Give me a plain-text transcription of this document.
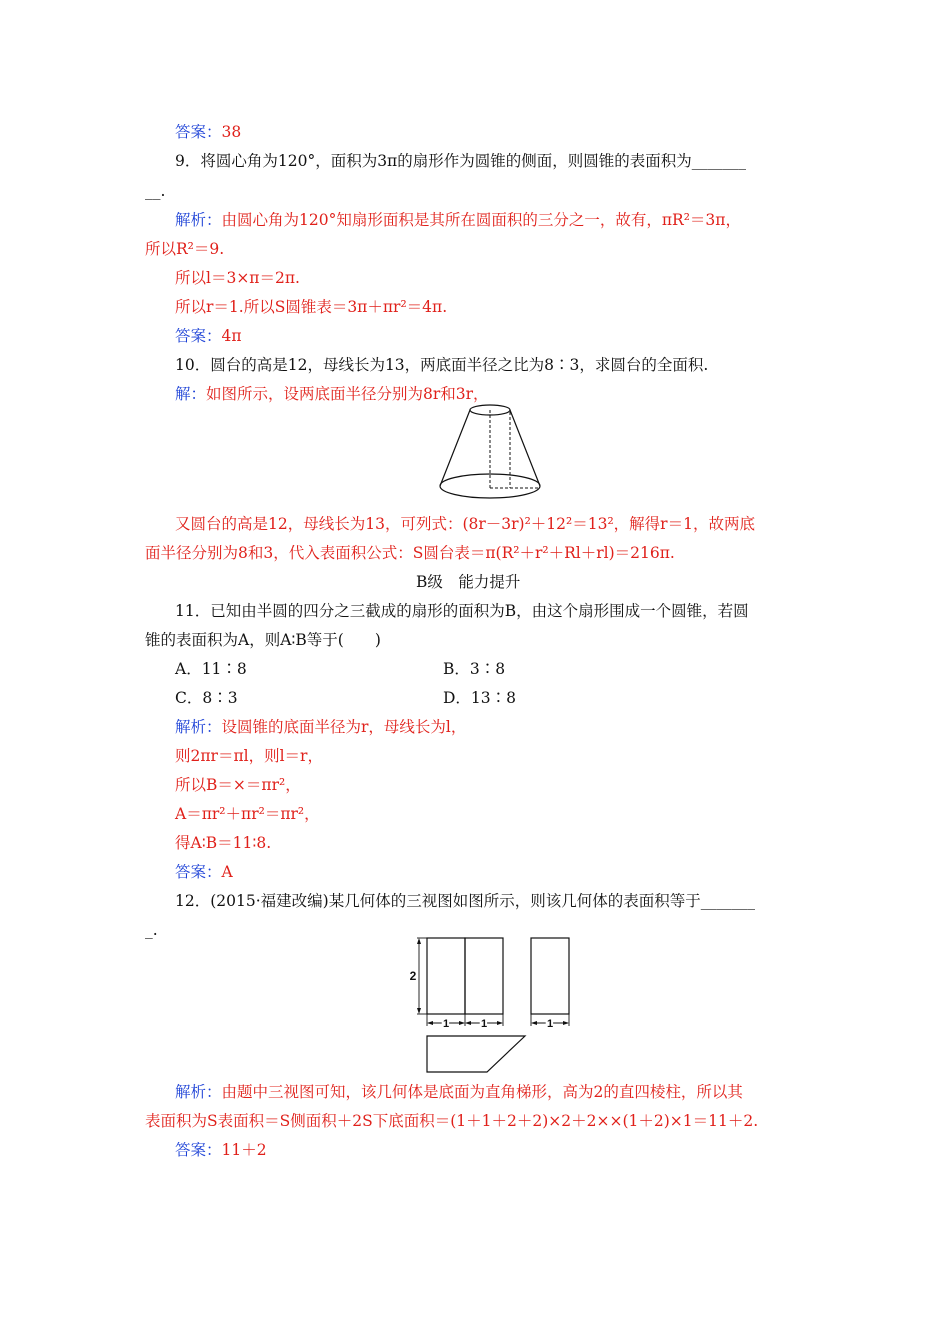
答案：38
9．将圆心角为120°，面积为3π的扇形作为圆锥的侧面，则圆锥的表面积为_______
__.
解析：由圆心角为120°知扇形面积是其所在圆面积的三分之一，故有，πR²＝3π，
所以R²＝9.
所以l＝3×π＝2π.
所以r＝1.所以S圆锥表＝3π＋πr²＝4π.
答案：4π
10．圆台的高是12，母线长为13，两底面半径之比为8∶3，求圆台的全面积.
解：如图所示，设两底面半径分别为8r和3r，
又圆台的高是12，母线长为13，可列式：(8r－3r)²＋12²＝13²，解得r＝1，故两底
面半径分别为8和3，代入表面积公式：S圆台表＝π(R²＋r²＋Rl＋rl)＝216π.
B级　能力提升
11．已知由半圆的四分之三截成的扇形的面积为B，由这个扇形围成一个圆锥，若圆
锥的表面积为A，则A∶B等于(　　)
A．11∶8	B．3∶8
C．8∶3	D．13∶8
解析：设圆锥的底面半径为r，母线长为l，
则2πr＝πl，则l＝r，
所以B＝×＝πr²，
A＝πr²＋πr²＝πr²，
得A∶B＝11∶8.
答案：A
12．(2015·福建改编)某几何体的三视图如图所示，则该几何体的表面积等于_______
_.
2
1	1	1
解析：由题中三视图可知，该几何体是底面为直角梯形，高为2的直四棱柱，所以其
表面积为S表面积＝S侧面积＋2S下底面积＝(1＋1＋2＋2)×2＋2××(1＋2)×1＝11＋2.
答案：11＋2
